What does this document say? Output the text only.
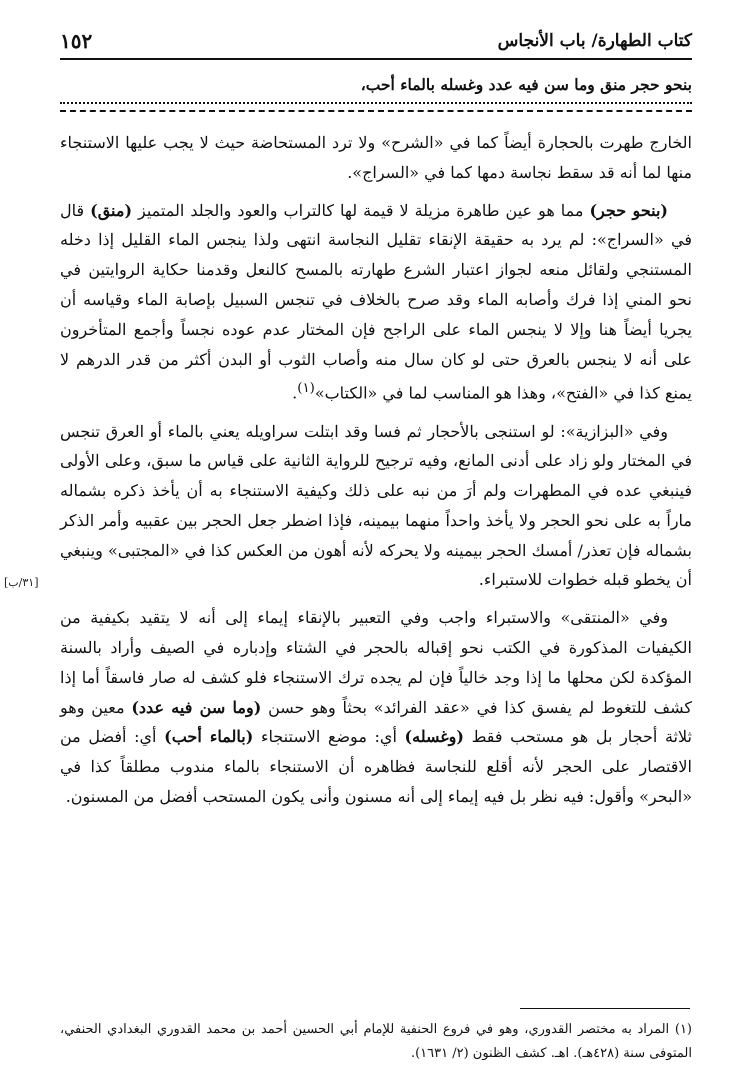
كتاب الطهارة/ باب الأنجاس
١٥٢
بنحو حجر منق وما سن فيه عدد وغسله بالماء أحب،

الخارج طهرت بالحجارة أيضاً كما في «الشرح» ولا ترد المستحاضة حيث لا يجب عليها الاستنجاء منها لما أنه قد سقط نجاسة دمها كما في «السراج».

(بنحو حجر) مما هو عين طاهرة مزيلة لا قيمة لها كالتراب والعود والجلد المتميز (منق) قال في «السراج»: لم يرد به حقيقة الإنقاء تقليل النجاسة انتهى ولذا ينجس الماء القليل إذا دخله المستنجي ولقائل منعه لجواز اعتبار الشرع طهارته بالمسح كالنعل وقدمنا حكاية الروايتين في نحو المني إذا فرك وأصابه الماء وقد صرح بالخلاف في تنجس السبيل بإصابة الماء وقياسه أن يجريا أيضاً هنا وإلا لا ينجس الماء على الراجح فإن المختار عدم عوده نجساً وأجمع المتأخرون على أنه لا ينجس بالعرق حتى لو كان سال منه وأصاب الثوب أو البدن أكثر من قدر الدرهم لا يمنع كذا في «الفتح»، وهذا هو المناسب لما في «الكتاب»$^{(١)}$.

وفي «البزازية»: لو استنجى بالأحجار ثم فسا وقد ابتلت سراويله يعني بالماء أو العرق تنجس في المختار ولو زاد على أدنى المانع، وفيه ترجيح للرواية الثانية على قياس ما سبق، وعلى الأولى فينبغي عده في المطهرات ولم أرَ من نبه على ذلك وكيفية الاستنجاء به أن يأخذ ذكره بشماله ماراً به على نحو الحجر ولا يأخذ واحداً منهما بيمينه، فإذا اضطر جعل الحجر بين عقبيه وأمر الذكر بشماله فإن تعذر/ أمسك الحجر بيمينه ولا يحركه لأنه أهون من العكس كذا في «المجتبى» وينبغي أن يخطو قبله خطوات للاستبراء.

وفي «المنتقى» والاستبراء واجب وفي التعبير بالإنقاء إيماء إلى أنه لا يتقيد بكيفية من الكيفيات المذكورة في الكتب نحو إقباله بالحجر في الشتاء وإدباره في الصيف وأراد بالسنة المؤكدة لكن محلها ما إذا وجد خالياً فإن لم يجده ترك الاستنجاء فلو كشف له صار فاسقاً أما إذا كشف للتغوط لم يفسق كذا في «عقد الفرائد» بحثاً وهو حسن (وما سن فيه عدد) معين وهو ثلاثة أحجار بل هو مستحب فقط (وغسله) أي: موضع الاستنجاء (بالماء أحب) أي: أفضل من الاقتصار على الحجر لأنه أقلع للنجاسة فظاهره أن الاستنجاء بالماء مندوب مطلقاً كذا في «البحر» وأقول: فيه نظر بل فيه إيماء إلى أنه مسنون وأنى يكون المستحب أفضل من المسنون.

[٣١/ب]
(١) المراد به مختصر القدوري، وهو في فروع الحنفية للإمام أبي الحسين أحمد بن محمد القدوري البغدادي الحنفي، المتوفى سنة (٤٢٨هـ). اهـ. كشف الظنون (٢/ ١٦٣١).
